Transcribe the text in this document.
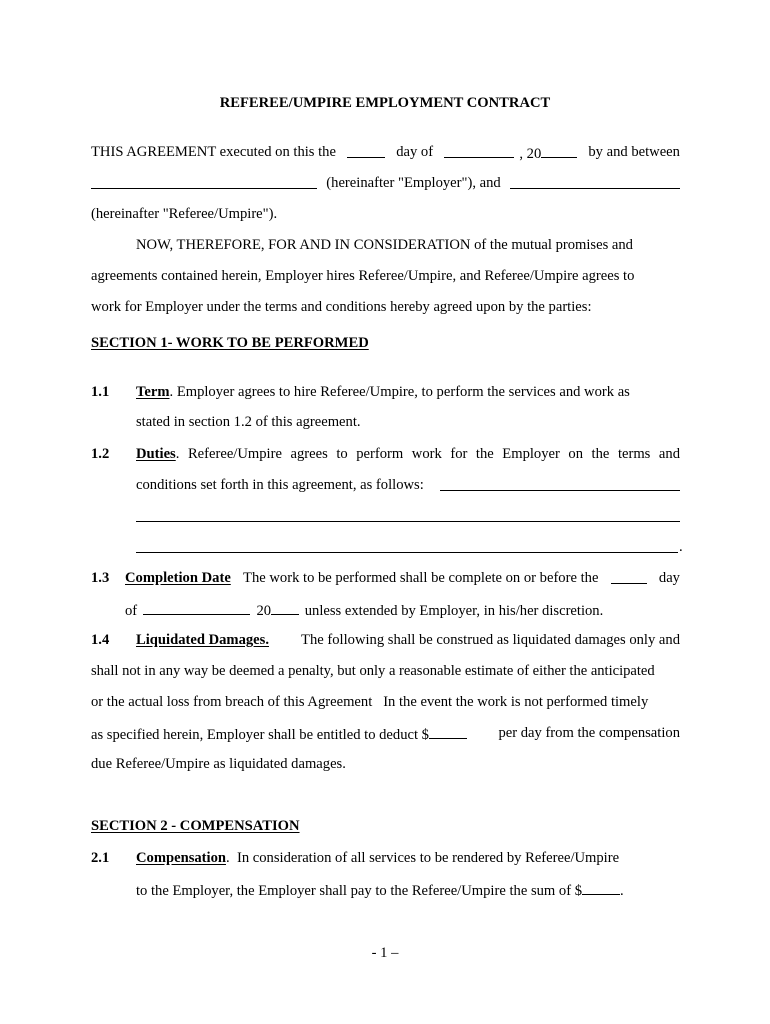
REFEREE/UMPIRE EMPLOYMENT CONTRACT
THIS AGREEMENT executed on this the	day of	, 20	by and between
(hereinafter "Employer"), and
(hereinafter "Referee/Umpire").
NOW, THEREFORE, FOR AND IN CONSIDERATION of the mutual promises and
agreements contained herein, Employer hires Referee/Umpire, and Referee/Umpire agrees to
work for Employer under the terms and conditions hereby agreed upon by the parties:
SECTION 1- WORK TO BE PERFORMED
1.1 Term. Employer agrees to hire Referee/Umpire, to perform the services and work as
stated in section 1.2 of this agreement.
1.2 Duties. Referee/Umpire agrees to perform work for the Employer on the terms and
conditions set forth in this agreement, as follows:
.
1.3 Completion Date The work to be performed shall be complete on or before the	day
of	20 unless extended by Employer, in his/her discretion.
1.4 Liquidated Damages. The following shall be construed as liquidated damages only and
shall not in any way be deemed a penalty, but only a reasonable estimate of either the anticipated
or the actual loss from breach of this Agreement   In the event the work is not performed timely
as specified herein, Employer shall be entitled to deduct $	per day from the compensation
due Referee/Umpire as liquidated damages.
SECTION 2 - COMPENSATION
2.1 Compensation.  In consideration of all services to be rendered by Referee/Umpire
to the Employer, the Employer shall pay to the Referee/Umpire the sum of $	.
- 1 –
